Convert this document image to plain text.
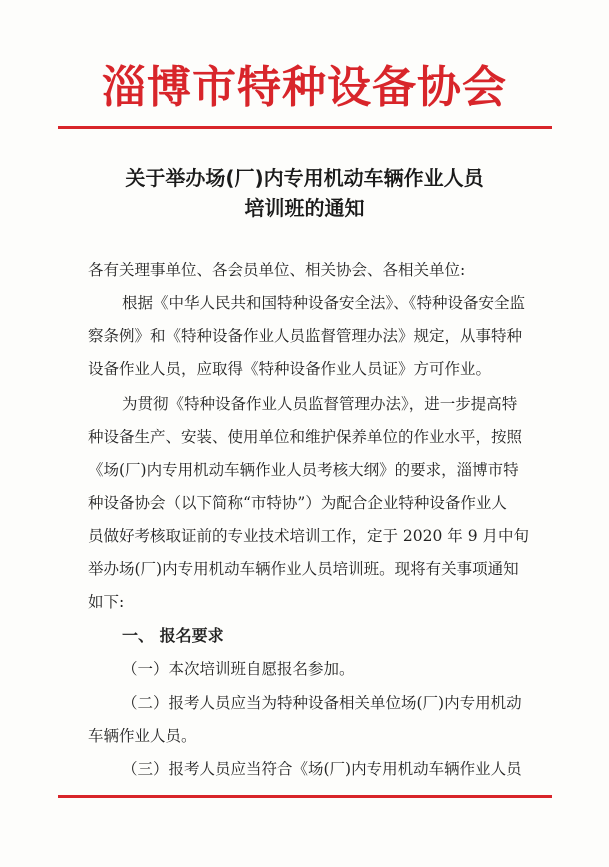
淄博市特种设备协会
关于举办场(厂)内专用机动车辆作业人员
培训班的通知
各有关理事单位、各会员单位、相关协会、各相关单位:
根据《中华人民共和国特种设备安全法》、《特种设备安全监
察条例》和《特种设备作业人员监督管理办法》规定，从事特种
设备作业人员，应取得《特种设备作业人员证》方可作业。
为贯彻《特种设备作业人员监督管理办法》，进一步提高特
种设备生产、安装、使用单位和维护保养单位的作业水平，按照
《场(厂)内专用机动车辆作业人员考核大纲》的要求，淄博市特
种设备协会（以下简称“市特协”）为配合企业特种设备作业人
员做好考核取证前的专业技术培训工作，定于 2020 年 9 月中旬
举办场(厂)内专用机动车辆作业人员培训班。现将有关事项通知
如下:
一、 报名要求
（一）本次培训班自愿报名参加。
（二）报考人员应当为特种设备相关单位场(厂)内专用机动
车辆作业人员。
（三）报考人员应当符合《场(厂)内专用机动车辆作业人员
